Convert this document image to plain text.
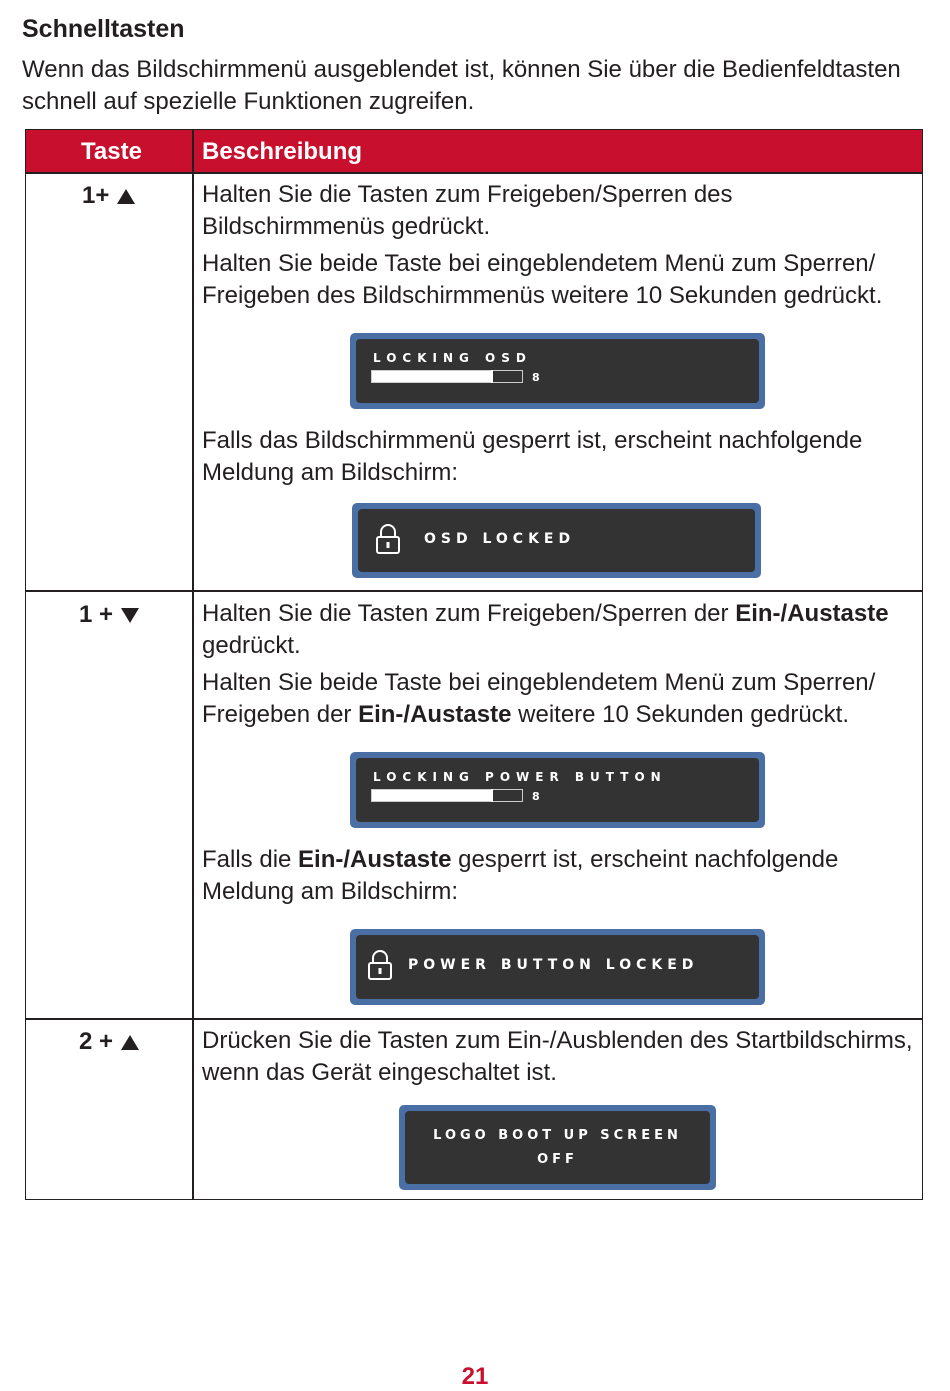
Schnelltasten

Wenn das Bildschirmmenü ausgeblendet ist, können Sie über die Bedienfeldtasten schnell auf spezielle Funktionen zugreifen.

Taste	Beschreibung
1+	Halten Sie die Tasten zum Freigeben/Sperren des Bildschirmmenüs gedrückt.

Halten Sie beide Taste bei eingeblendetem Menü zum Sperren/ Freigeben des Bildschirmmenüs weitere 10 Sekunden gedrückt.

LOCKING OSD
8

Falls das Bildschirmmenü gesperrt ist, erscheint nachfolgende Meldung am Bildschirm:

OSD LOCKED
1 +	Halten Sie die Tasten zum Freigeben/Sperren der Ein-/Austaste gedrückt.

Halten Sie beide Taste bei eingeblendetem Menü zum Sperren/ Freigeben der Ein-/Austaste weitere 10 Sekunden gedrückt.

LOCKING POWER BUTTON
8

Falls die Ein-/Austaste gesperrt ist, erscheint nachfolgende Meldung am Bildschirm:

POWER BUTTON LOCKED
2 +	Drücken Sie die Tasten zum Ein-/Ausblenden des Startbildschirms, wenn das Gerät eingeschaltet ist.

LOGO BOOT UP SCREEN
OFF
21
